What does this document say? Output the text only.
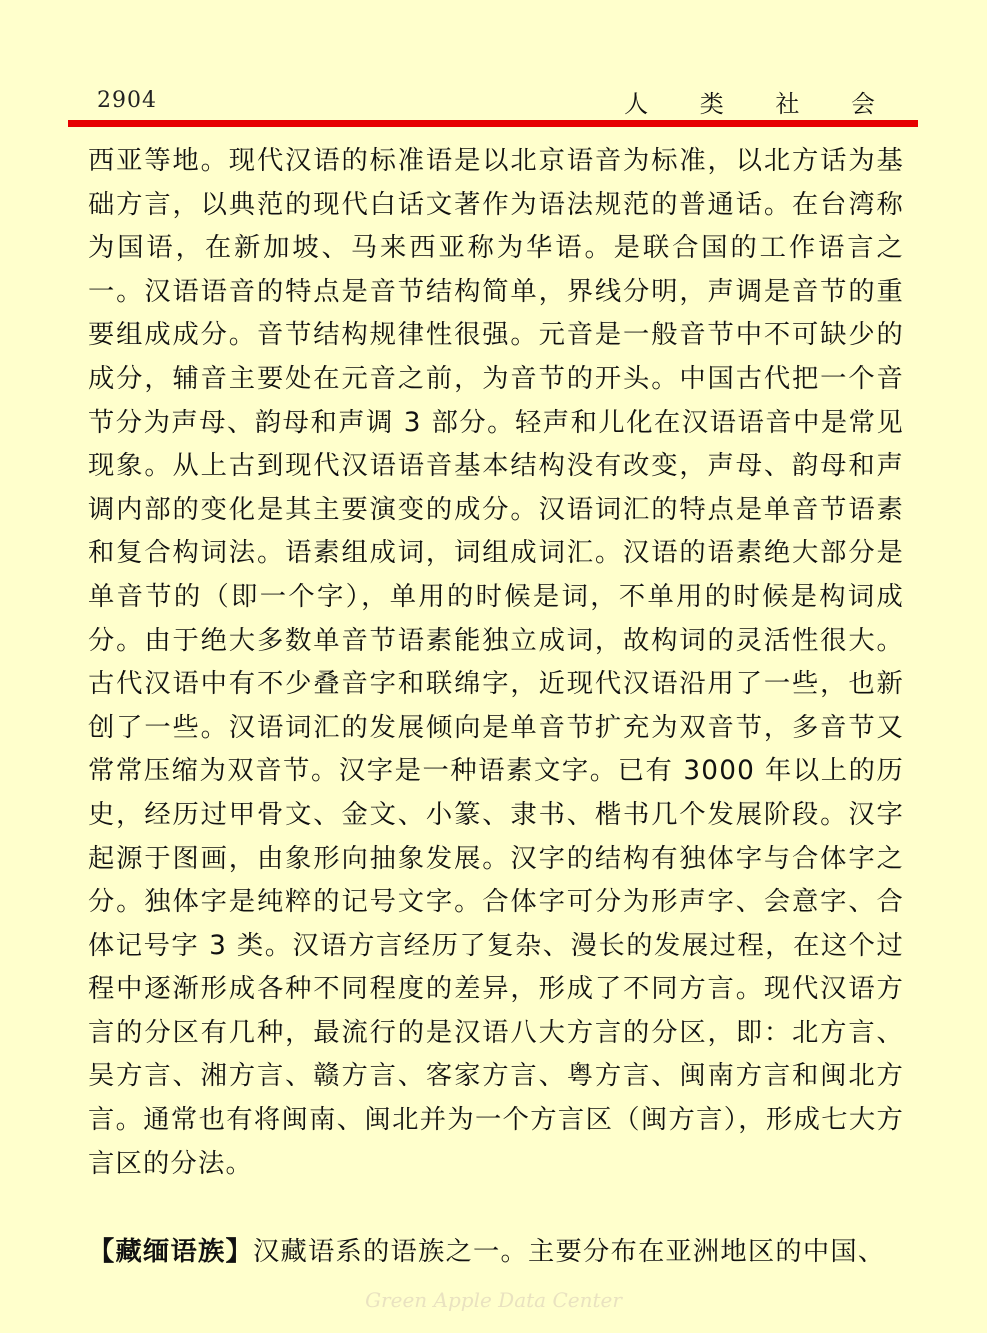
2904	人 类 社 会

西亚等地。现代汉语的标准语是以北京语音为标准，以北方话为基础方言，以典范的现代白话文著作为语法规范的普通话。在台湾称为国语，在新加坡、马来西亚称为华语。是联合国的工作语言之一。汉语语音的特点是音节结构简单，界线分明，声调是音节的重要组成成分。音节结构规律性很强。元音是一般音节中不可缺少的成分，辅音主要处在元音之前，为音节的开头。中国古代把一个音节分为声母、韵母和声调 3 部分。轻声和儿化在汉语语音中是常见现象。从上古到现代汉语语音基本结构没有改变，声母、韵母和声调内部的变化是其主要演变的成分。汉语词汇的特点是单音节语素和复合构词法。语素组成词，词组成词汇。汉语的语素绝大部分是单音节的（即一个字），单用的时候是词，不单用的时候是构词成分。由于绝大多数单音节语素能独立成词，故构词的灵活性很大。古代汉语中有不少叠音字和联绵字，近现代汉语沿用了一些，也新创了一些。汉语词汇的发展倾向是单音节扩充为双音节，多音节又常常压缩为双音节。汉字是一种语素文字。已有 3000 年以上的历史，经历过甲骨文、金文、小篆、隶书、楷书几个发展阶段。汉字起源于图画，由象形向抽象发展。汉字的结构有独体字与合体字之分。独体字是纯粹的记号文字。合体字可分为形声字、会意字、合体记号字 3 类。汉语方言经历了复杂、漫长的发展过程，在这个过程中逐渐形成各种不同程度的差异，形成了不同方言。现代汉语方言的分区有几种，最流行的是汉语八大方言的分区，即：北方言、吴方言、湘方言、赣方言、客家方言、粤方言、闽南方言和闽北方言。通常也有将闽南、闽北并为一个方言区（闽方言），形成七大方言区的分法。

【藏缅语族】汉藏语系的语族之一。主要分布在亚洲地区的中国、
Green Apple Data Center
